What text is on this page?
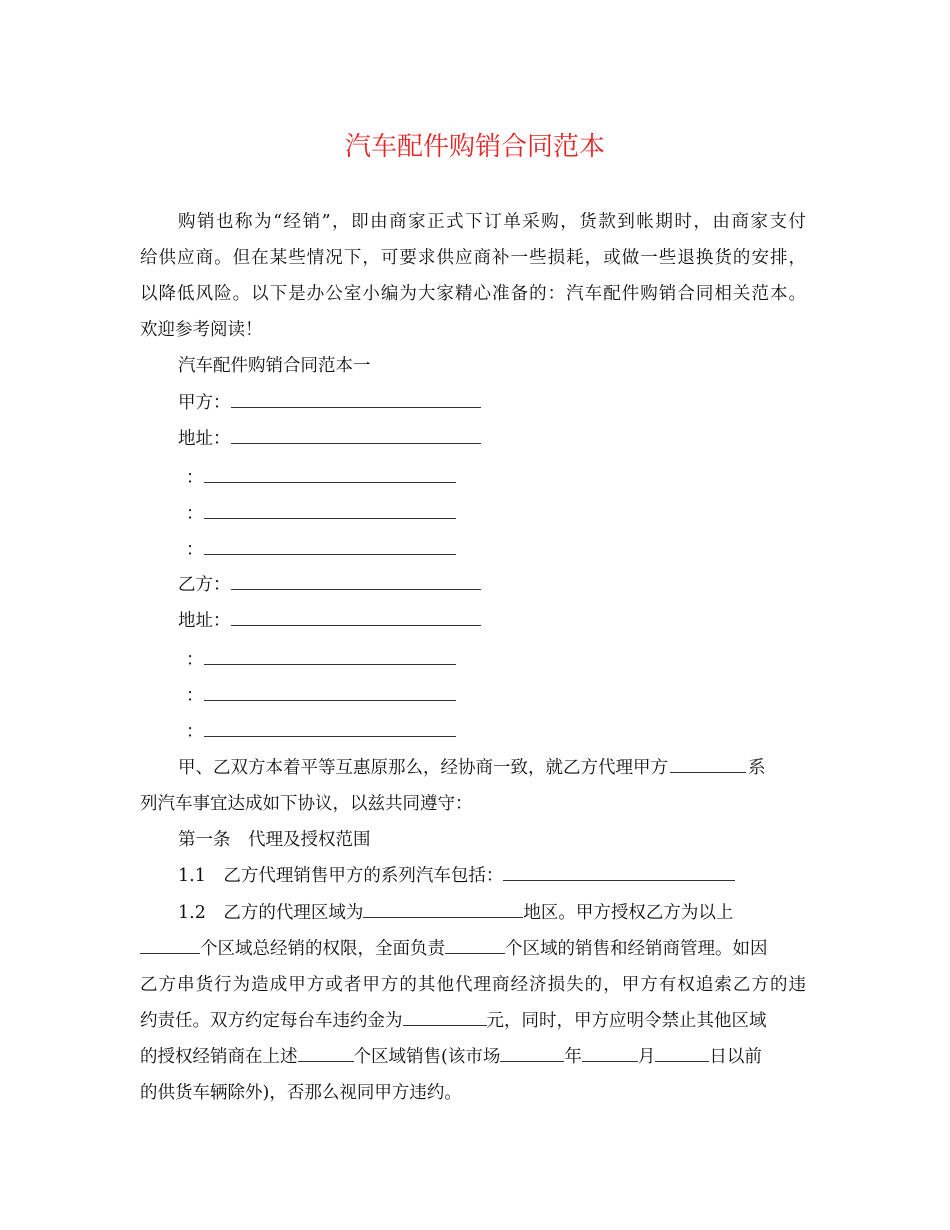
汽车配件购销合同范本

购销也称为“经销”，即由商家正式下订单采购，货款到帐期时，由商家支付

给供应商。但在某些情况下，可要求供应商补一些损耗，或做一些退换货的安排，

以降低风险。以下是办公室小编为大家精心准备的：汽车配件购销合同相关范本。

欢迎参考阅读！

汽车配件购销合同范本一

甲方：

地址：

：

：

：

乙方：

地址：

：

：

：

甲、乙双方本着平等互惠原那么，经协商一致，就乙方代理甲方	系

列汽车事宜达成如下协议，以兹共同遵守：

第一条　代理及授权范围

1.1　乙方代理销售甲方的系列汽车包括：

1.2　乙方的代理区域为	地区。甲方授权乙方为以上

个区域总经销的权限，全面负责	个区域的销售和经销商管理。如因

乙方串货行为造成甲方或者甲方的其他代理商经济损失的，甲方有权追索乙方的违

约责任。双方约定每台车违约金为	元，同时，甲方应明令禁止其他区域

的授权经销商在上述	个区域销售(该市场	年	月	日以前

的供货车辆除外)，否那么视同甲方违约。
